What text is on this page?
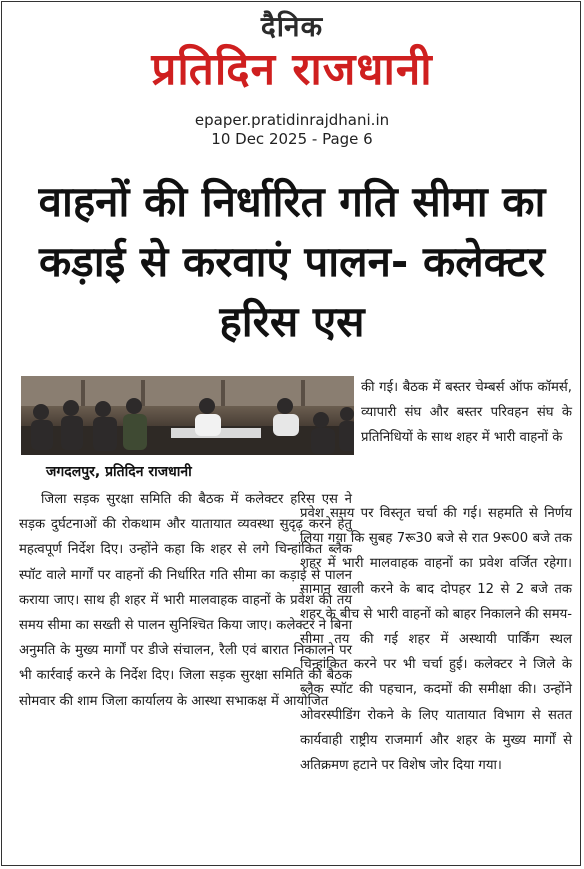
दैनिक
प्रतिदिन राजधानी
epaper.pratidinrajdhani.in
10 Dec 2025 - Page 6
वाहनों की निर्धारित गति सीमा का कड़ाई से करवाएं पालन- कलेक्टर हरिस एस
जगदलपुर, प्रतिदिन राजधानी
जिला सड़क सुरक्षा समिति की बैठक में कलेक्टर हरिस एस ने सड़क दुर्घटनाओं की रोकथाम और यातायात व्यवस्था सुदृढ़ करने हेतु महत्वपूर्ण निर्देश दिए। उन्होंने कहा कि शहर से लगे चिन्हांकित ब्लैक स्पॉट वाले मार्गों पर वाहनों की निर्धारित गति सीमा का कड़ाई से पालन कराया जाए। साथ ही शहर में भारी मालवाहक वाहनों के प्रवेश की तय समय सीमा का सख्ती से पालन सुनिश्चित किया जाए। कलेक्टर ने बिना अनुमति के मुख्य मार्गों पर डीजे संचालन, रैली एवं बारात निकालने पर भी कार्रवाई करने के निर्देश दिए। जिला सड़क सुरक्षा समिति की बैठक सोमवार की शाम जिला कार्यालय के आस्था सभाकक्ष में आयोजित
की गई। बैठक में बस्तर चेम्बर्स ऑफ कॉमर्स, व्यापारी संघ और बस्तर परिवहन संघ के प्रतिनिधियों के साथ शहर में भारी वाहनों के
प्रवेश समय पर विस्तृत चर्चा की गई। सहमति से निर्णय लिया गया कि सुबह 7रू30 बजे से रात 9रू00 बजे तक शहर में भारी मालवाहक वाहनों का प्रवेश वर्जित रहेगा। सामान खाली करने के बाद दोपहर 12 से 2 बजे तक शहर के बीच से भारी वाहनों को बाहर निकालने की समय-सीमा तय की गई शहर में अस्थायी पार्किंग स्थल चिन्हांकित करने पर भी चर्चा हुई। कलेक्टर ने जिले के ब्लैक स्पॉट की पहचान, कदमों की समीक्षा की। उन्होंने ओवरस्पीडिंग रोकने के लिए यातायात विभाग से सतत कार्यवाही राष्ट्रीय राजमार्ग और शहर के मुख्य मार्गों से अतिक्रमण हटाने पर विशेष जोर दिया गया।
